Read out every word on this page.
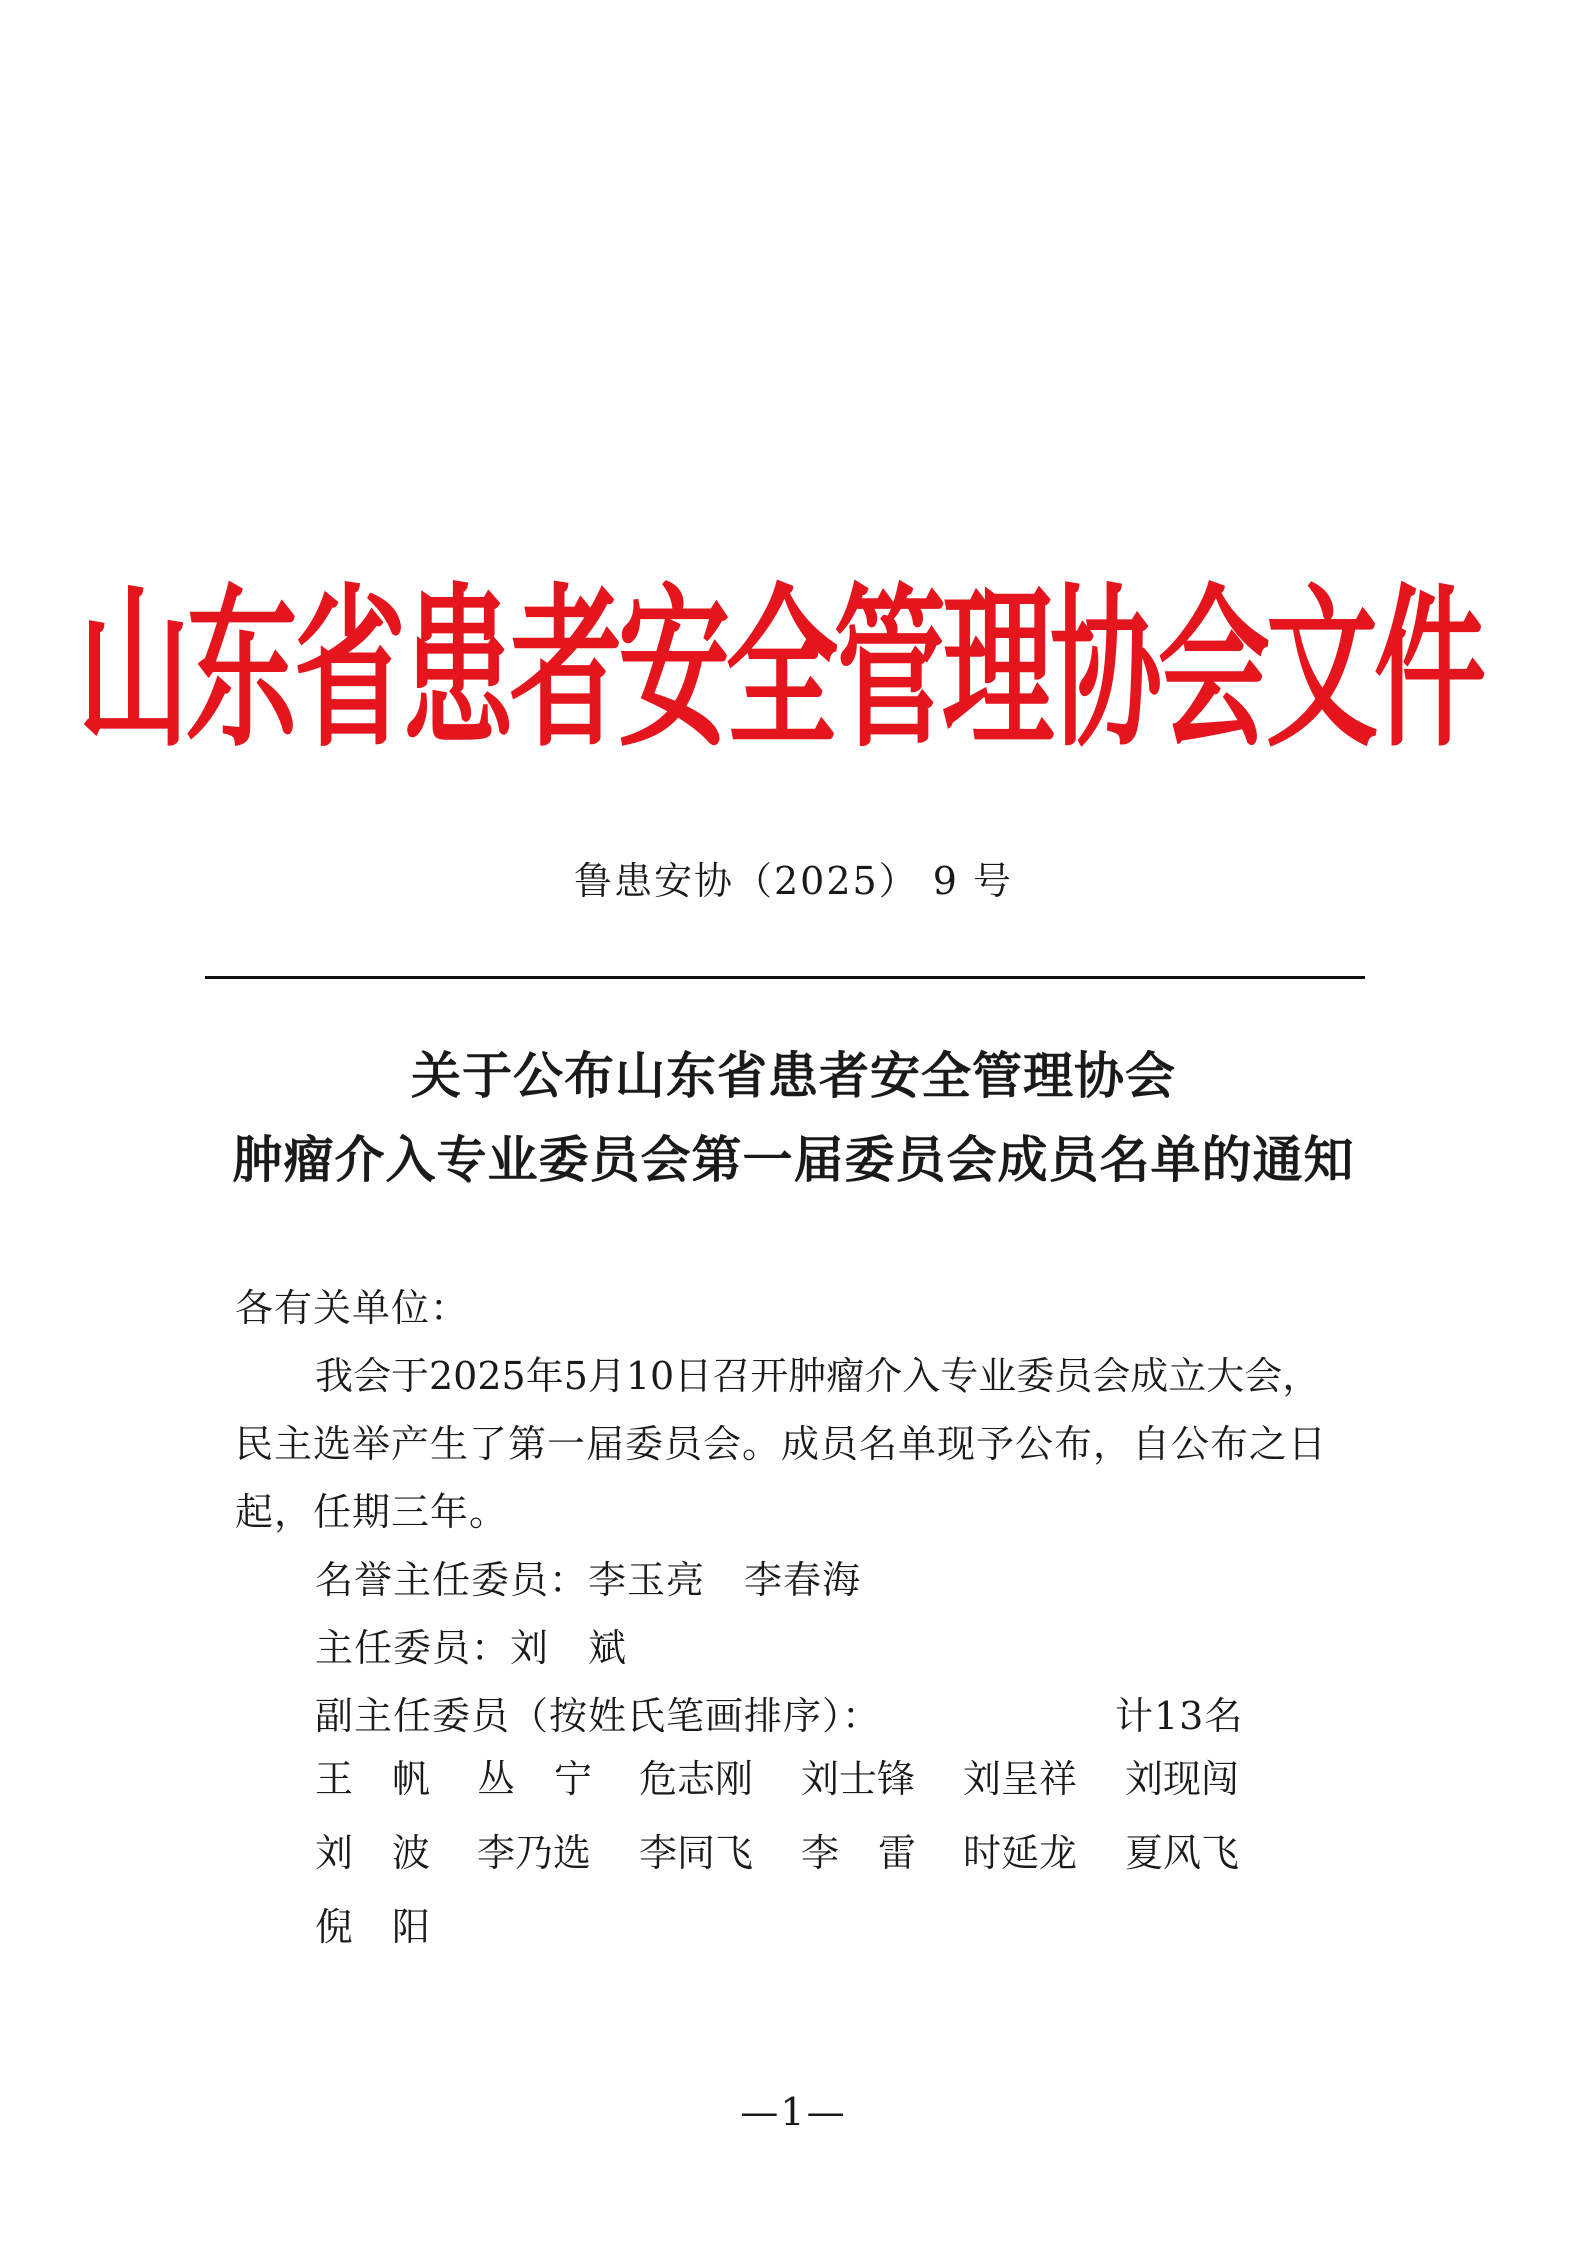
山东省患者安全管理协会文件
鲁患安协（2025） 9 号
关于公布山东省患者安全管理协会
肿瘤介入专业委员会第一届委员会成员名单的通知
各有关单位：
我会于2025年5月10日召开肿瘤介入专业委员会成立大会，
民主选举产生了第一届委员会。成员名单现予公布，自公布之日
起，任期三年。
名誉主任委员：李玉亮　李春海
主任委员：刘　斌
副主任委员（按姓氏笔画排序）：	计13名
王 帆 丛 宁 危志刚 刘士锋 刘呈祥 刘现闯
刘 波 李乃选 李同飞 李 雷 时延龙 夏风飞
倪 阳
—1—
